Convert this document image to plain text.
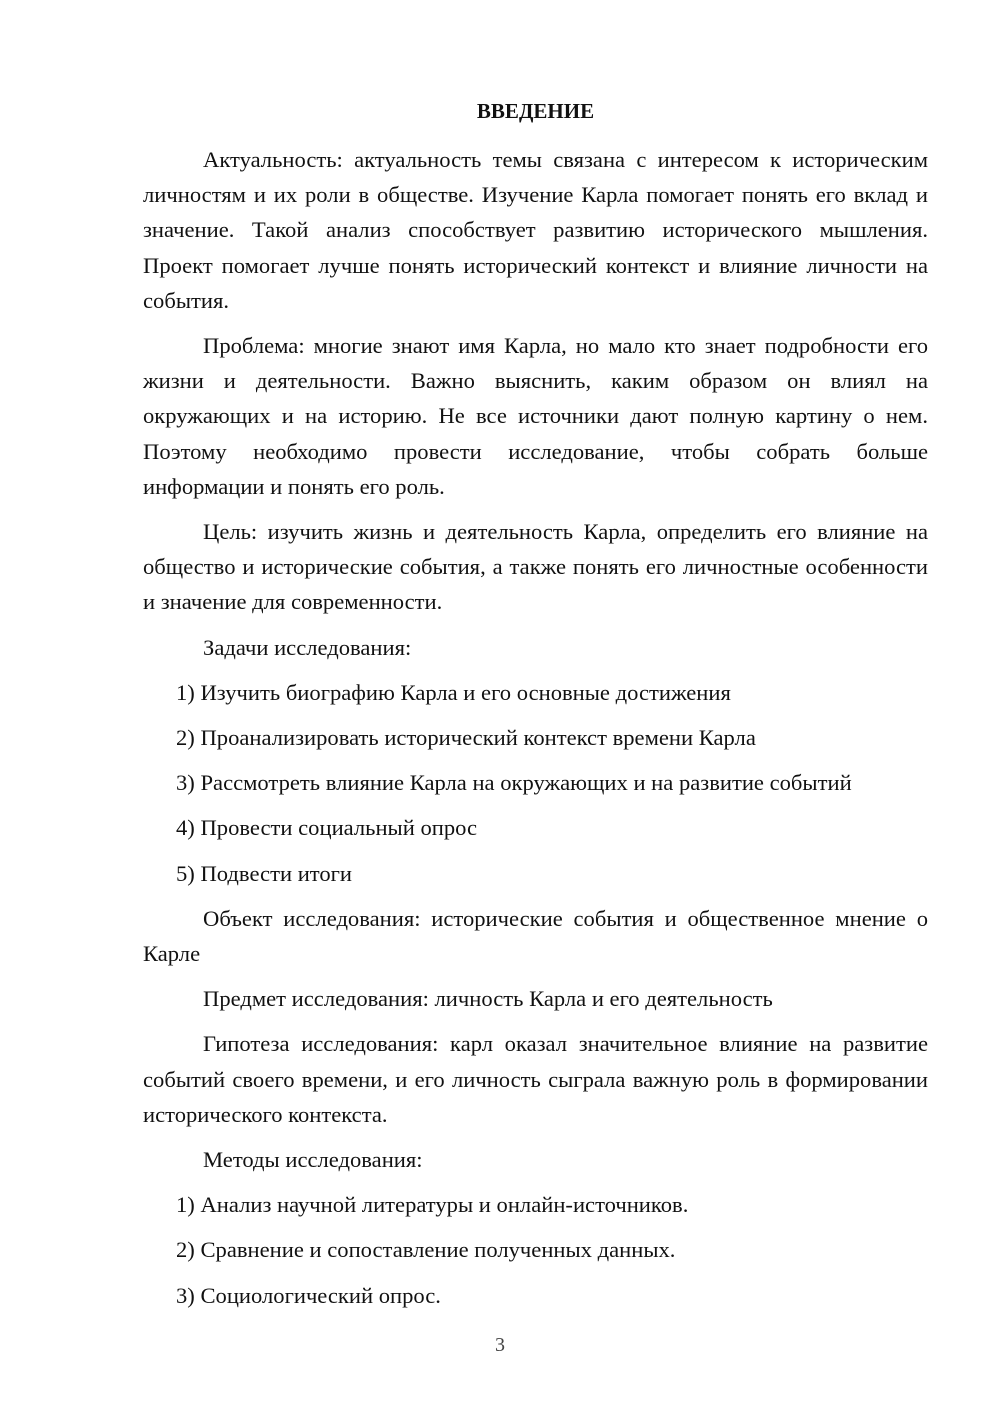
ВВЕДЕНИЕ

Актуальность: актуальность темы связана с интересом к историческим личностям и их роли в обществе. Изучение Карла помогает понять его вклад и значение. Такой анализ способствует развитию исторического мышления. Проект помогает лучше понять исторический контекст и влияние личности на события.

Проблема: многие знают имя Карла, но мало кто знает подробности его жизни и деятельности. Важно выяснить, каким образом он влиял на окружающих и на историю. Не все источники дают полную картину о нем. Поэтому необходимо провести исследование, чтобы собрать больше информации и понять его роль.

Цель: изучить жизнь и деятельность Карла, определить его влияние на общество и исторические события, а также понять его личностные особенности и значение для современности.

Задачи исследования:

1) Изучить биографию Карла и его основные достижения
2) Проанализировать исторический контекст времени Карла
3) Рассмотреть влияние Карла на окружающих и на развитие событий
4) Провести социальный опрос
5) Подвести итоги

Объект исследования: исторические события и общественное мнение о Карле

Предмет исследования: личность Карла и его деятельность

Гипотеза исследования: карл оказал значительное влияние на развитие событий своего времени, и его личность сыграла важную роль в формировании исторического контекста.

Методы исследования:

1) Анализ научной литературы и онлайн-источников.
2) Сравнение и сопоставление полученных данных.
3) Социологический опрос.
3
